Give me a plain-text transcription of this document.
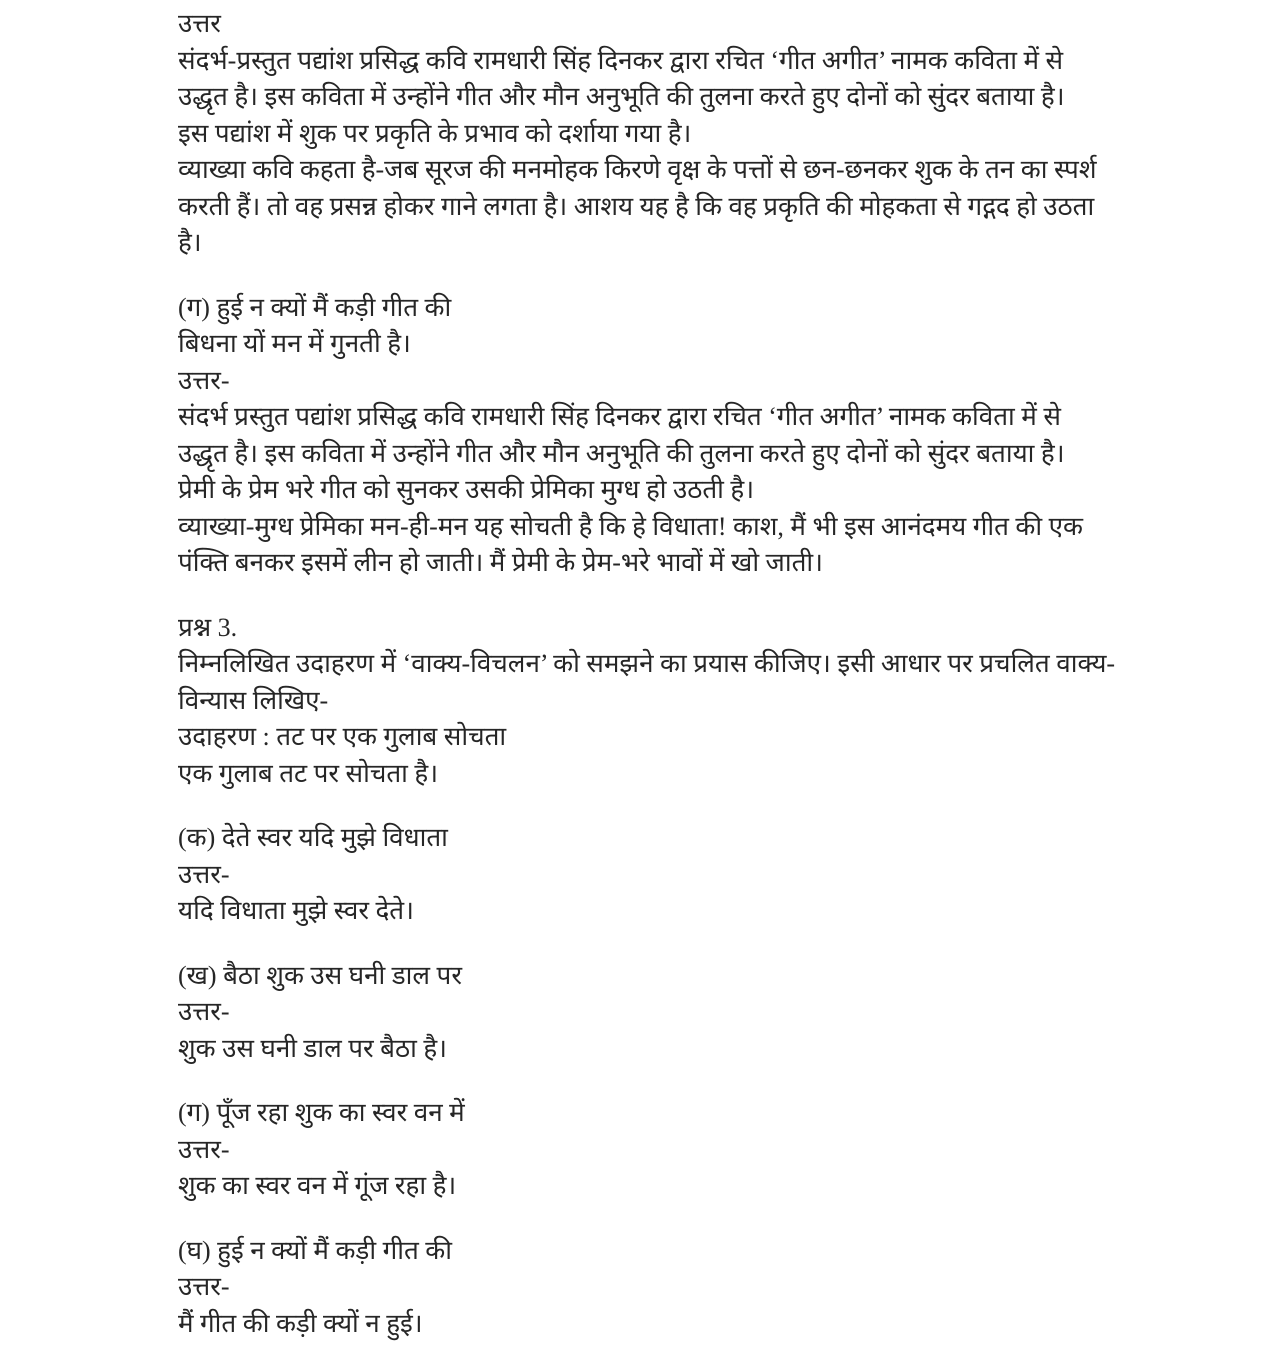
उत्तर
संदर्भ-प्रस्तुत पद्यांश प्रसिद्ध कवि रामधारी सिंह दिनकर द्वारा रचित ‘गीत अगीत’ नामक कविता में से
उद्धृत है। इस कविता में उन्होंने गीत और मौन अनुभूति की तुलना करते हुए दोनों को सुंदर बताया है।
इस पद्यांश में शुक पर प्रकृति के प्रभाव को दर्शाया गया है।
व्याख्या कवि कहता है-जब सूरज की मनमोहक किरणे वृक्ष के पत्तों से छन-छनकर शुक के तन का स्पर्श
करती हैं। तो वह प्रसन्न होकर गाने लगता है। आशय यह है कि वह प्रकृति की मोहकता से गद्गद हो उठता
है।
(ग) हुई न क्यों मैं कड़ी गीत की
बिधना यों मन में गुनती है।
उत्तर-
संदर्भ प्रस्तुत पद्यांश प्रसिद्ध कवि रामधारी सिंह दिनकर द्वारा रचित ‘गीत अगीत’ नामक कविता में से
उद्धृत है। इस कविता में उन्होंने गीत और मौन अनुभूति की तुलना करते हुए दोनों को सुंदर बताया है।
प्रेमी के प्रेम भरे गीत को सुनकर उसकी प्रेमिका मुग्ध हो उठती है।
व्याख्या-मुग्ध प्रेमिका मन-ही-मन यह सोचती है कि हे विधाता! काश, मैं भी इस आनंदमय गीत की एक
पंक्ति बनकर इसमें लीन हो जाती। मैं प्रेमी के प्रेम-भरे भावों में खो जाती।
प्रश्न 3.
निम्नलिखित उदाहरण में ‘वाक्य-विचलन’ को समझने का प्रयास कीजिए। इसी आधार पर प्रचलित वाक्य-
विन्यास लिखिए-
उदाहरण : तट पर एक गुलाब सोचता
एक गुलाब तट पर सोचता है।
(क) देते स्वर यदि मुझे विधाता
उत्तर-
यदि विधाता मुझे स्वर देते।
(ख) बैठा शुक उस घनी डाल पर
उत्तर-
शुक उस घनी डाल पर बैठा है।
(ग) पूँज रहा शुक का स्वर वन में
उत्तर-
शुक का स्वर वन में गूंज रहा है।
(घ) हुई न क्यों मैं कड़ी गीत की
उत्तर-
मैं गीत की कड़ी क्यों न हुई।
